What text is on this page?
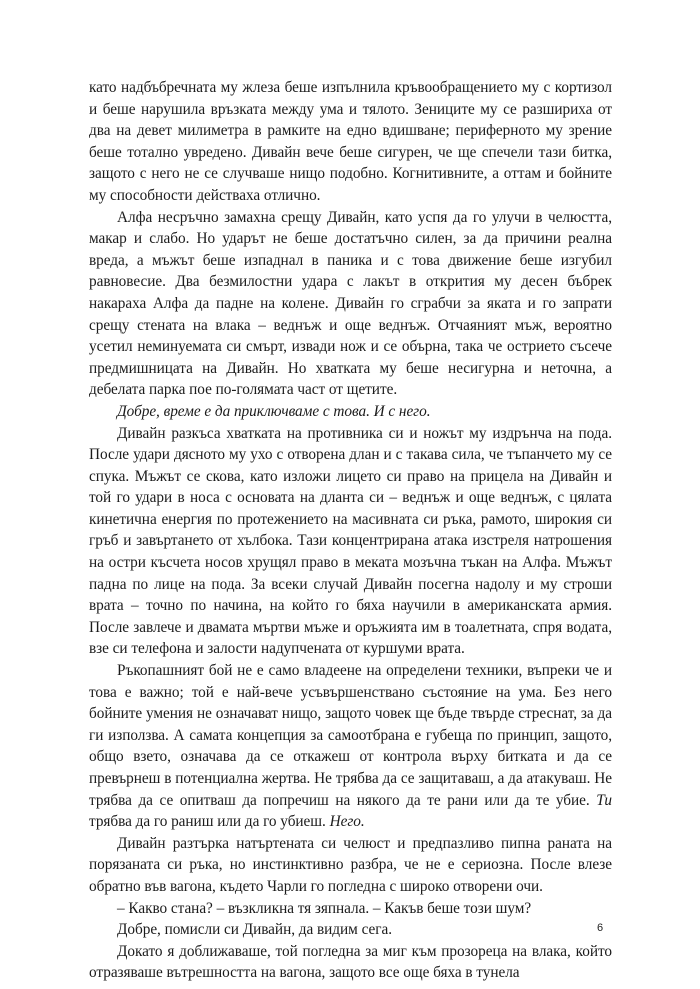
като надбъбречната му жлеза беше изпълнила кръвообращението му с кортизол и беше нарушила връзката между ума и тялото. Зениците му се разшириха от два на девет милиметра в рамките на едно вдишване; периферното му зрение беше тотално увредено. Дивайн вече беше сигурен, че ще спечели тази битка, защото с него не се случваше нищо подобно. Когнитивните, а оттам и бойните му способности действаха отлично.

Алфа несръчно замахна срещу Дивайн, като успя да го улучи в челюстта, макар и слабо. Но ударът не беше достатъчно силен, за да причини реална вреда, а мъжът беше изпаднал в паника и с това движение беше изгубил равновесие. Два безмилостни удара с лакът в открития му десен бъбрек накараха Алфа да падне на колене. Дивайн го сграбчи за яката и го запрати срещу стената на влака – веднъж и още веднъж. Отчаяният мъж, вероятно усетил неминуемата си смърт, извади нож и се обърна, така че острието съсече предмишницата на Дивайн. Но хватката му беше несигурна и неточна, а дебелата парка пое по-голямата част от щетите.

Добре, време е да приключваме с това. И с него.

Дивайн разкъса хватката на противника си и ножът му издрънча на пода. После удари дясното му ухо с отворена длан и с такава сила, че тъпанчето му се спука. Мъжът се скова, като изложи лицето си право на прицела на Дивайн и той го удари в носа с основата на дланта си – веднъж и още веднъж, с цялата кинетична енергия по протежението на масивната си ръка, рамото, широкия си гръб и завъртането от хълбока. Тази концентрирана атака изстреля натрошения на остри късчета носов хрущял право в меката мозъчна тъкан на Алфа. Мъжът падна по лице на пода. За всеки случай Дивайн посегна надолу и му строши врата – точно по начина, на който го бяха научили в американската армия. После завлече и двамата мъртви мъже и оръжията им в тоалетната, спря водата, взе си телефона и залости надупчената от куршуми врата.

Ръкопашният бой не е само владеене на определени техники, въпреки че и това е важно; той е най-вече усъвършенствано състояние на ума. Без него бойните умения не означават нищо, защото човек ще бъде твърде стреснат, за да ги използва. А самата концепция за самоотбрана е губеща по принцип, защото, общо взето, означава да се откажеш от контрола върху битката и да се превърнеш в потенциална жертва. Не трябва да се защитаваш, а да атакуваш. Не трябва да се опитваш да попречиш на някого да те рани или да те убие. Ти трябва да го раниш или да го убиеш. Него.

Дивайн разтърка натъртената си челюст и предпазливо пипна раната на порязаната си ръка, но инстинктивно разбра, че не е сериозна. После влезе обратно във вагона, където Чарли го погледна с широко отворени очи.

– Какво стана? – възкликна тя зяпнала. – Какъв беше този шум?

Добре, помисли си Дивайн, да видим сега.

Докато я доближаваше, той погледна за миг към прозореца на влака, който отразяваше вътрешността на вагона, защото все още бяха в тунела

6
